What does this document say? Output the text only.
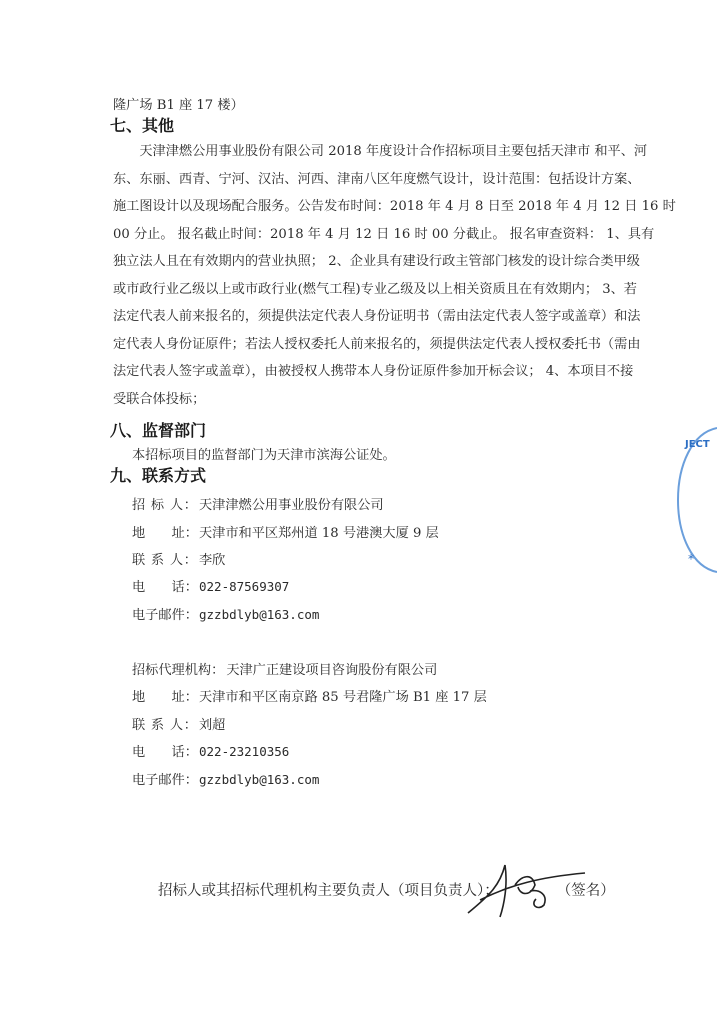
隆广场 B1 座 17 楼）
七、其他
　　天津津燃公用事业股份有限公司 2018 年度设计合作招标项目主要包括天津市 和平、河
东、东丽、西青、宁河、汉沽、河西、津南八区年度燃气设计，设计范围：包括设计方案、
施工图设计以及现场配合服务。公告发布时间：2018 年 4 月 8 日至 2018 年 4 月 12 日 16 时
00 分止。 报名截止时间：2018 年 4 月 12 日 16 时 00 分截止。 报名审查资料： 1、具有
独立法人且在有效期内的营业执照； 2、企业具有建设行政主管部门核发的设计综合类甲级
或市政行业乙级以上或市政行业(燃气工程)专业乙级及以上相关资质且在有效期内； 3、若
法定代表人前来报名的，须提供法定代表人身份证明书（需由法定代表人签字或盖章）和法
定代表人身份证原件；若法人授权委托人前来报名的，须提供法定代表人授权委托书（需由
法定代表人签字或盖章），由被授权人携带本人身份证原件参加开标会议； 4、本项目不接
受联合体投标；
八、监督部门
本招标项目的监督部门为天津市滨海公证处。
九、联系方式
招 标 人： 天津津燃公用事业股份有限公司
地　　址：天津市和平区郑州道 18 号港澳大厦 9 层
联 系 人： 李欣
电　　话：022-87569307
电子邮件：gzzbdlyb@163.com
招标代理机构： 天津广正建设项目咨询股份有限公司
地　　址：天津市和平区南京路 85 号君隆广场 B1 座 17 层
联 系 人： 刘超
电　　话：022-23210356
电子邮件：gzzbdlyb@163.com
招标人或其招标代理机构主要负责人（项目负责人）：	（签名）
JECT
*
